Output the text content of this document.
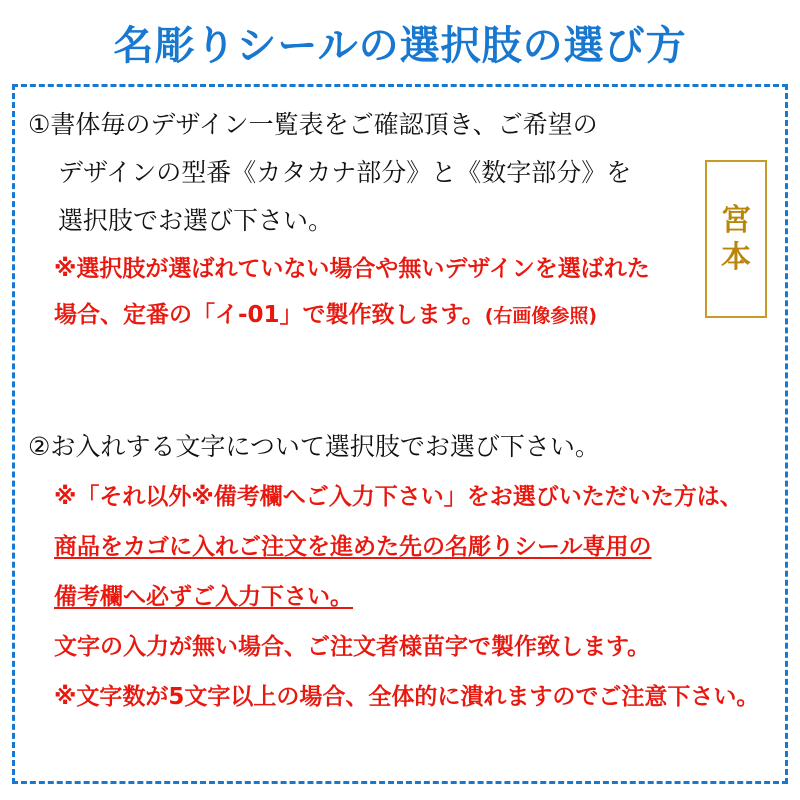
名彫りシールの選択肢の選び方
①書体毎のデザイン一覧表をご確認頂き、ご希望の
デザインの型番《カタカナ部分》と《数字部分》を
選択肢でお選び下さい。
※選択肢が選ばれていない場合や無いデザインを選ばれた
場合、定番の「イ-01」で製作致します。(右画像参照)
②お入れする文字について選択肢でお選び下さい。
※「それ以外※備考欄へご入力下さい」をお選びいただいた方は、
商品をカゴに入れご注文を進めた先の名彫りシール専用の
備考欄へ必ずご入力下さい。
文字の入力が無い場合、ご注文者様苗字で製作致します。
※文字数が5文字以上の場合、全体的に潰れますのでご注意下さい。
宮
本
